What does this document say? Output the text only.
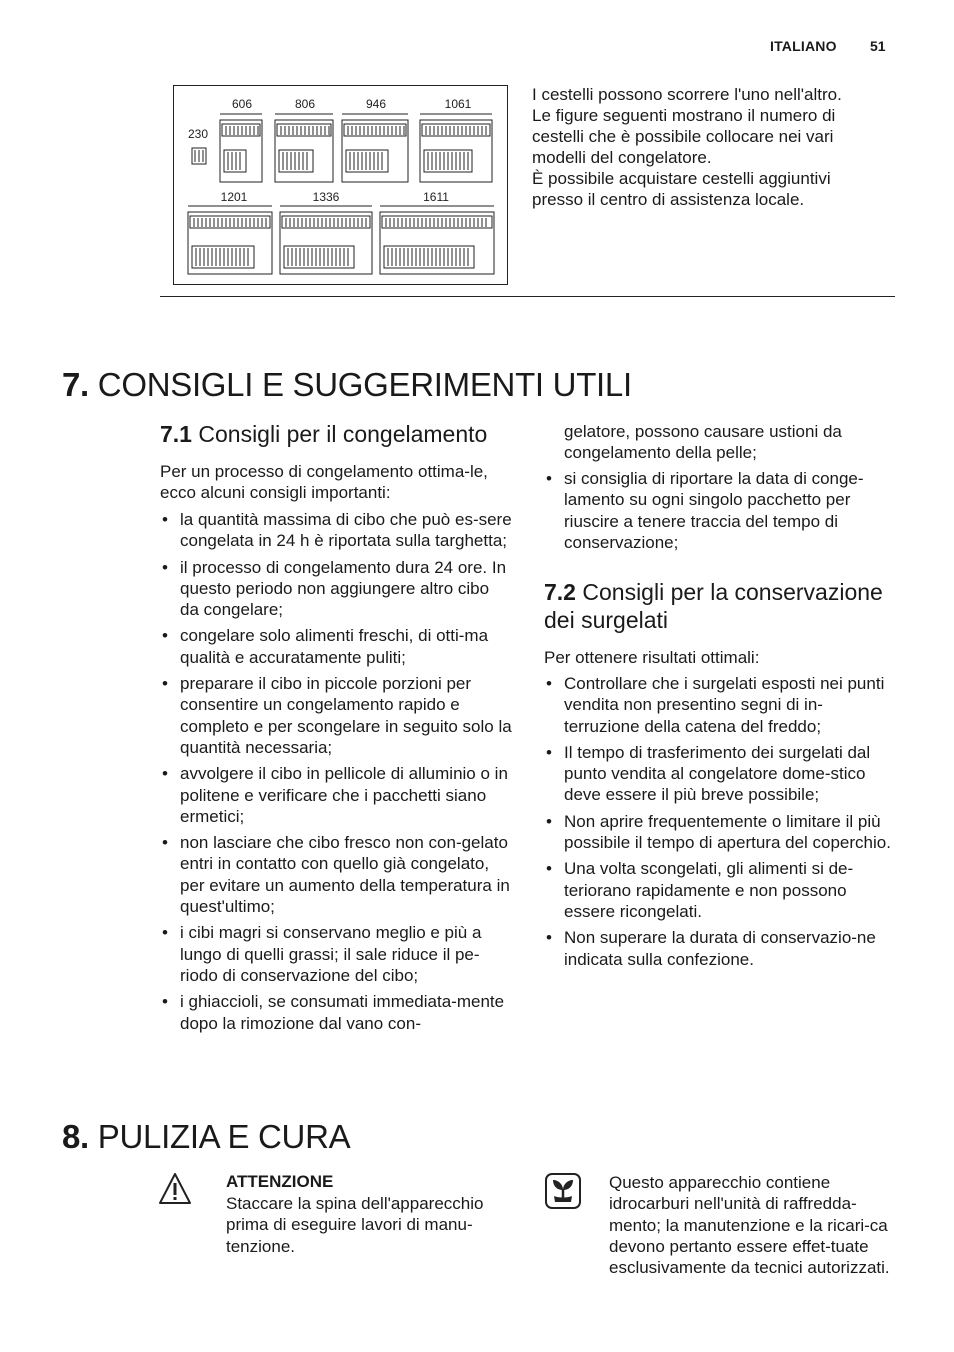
ITALIANO 51
606	806	946	1061
230
1201	1336	1611
I cestelli possono scorrere l'uno nell'altro.
Le figure seguenti mostrano il numero di
cestelli che è possibile collocare nei vari
modelli del congelatore.
È possibile acquistare cestelli aggiuntivi
presso il centro di assistenza locale.
7. CONSIGLI E SUGGERIMENTI UTILI
7.1 Consigli per il congelamento
Per un processo di congelamento ottima-le, ecco alcuni consigli importanti:
• la quantità massima di cibo che può es-sere congelata in 24 h è riportata sulla targhetta;
• il processo di congelamento dura 24 ore. In questo periodo non aggiungere altro cibo da congelare;
• congelare solo alimenti freschi, di otti-ma qualità e accuratamente puliti;
• preparare il cibo in piccole porzioni per consentire un congelamento rapido e completo e per scongelare in seguito solo la quantità necessaria;
• avvolgere il cibo in pellicole di alluminio o in politene e verificare che i pacchetti siano ermetici;
• non lasciare che cibo fresco non con-gelato entri in contatto con quello già congelato, per evitare un aumento della temperatura in quest'ultimo;
• i cibi magri si conservano meglio e più a lungo di quelli grassi; il sale riduce il pe-riodo di conservazione del cibo;
• i ghiaccioli, se consumati immediata-mente dopo la rimozione dal vano con-
gelatore, possono causare ustioni da congelamento della pelle;
• si consiglia di riportare la data di conge-lamento su ogni singolo pacchetto per riuscire a tenere traccia del tempo di conservazione;
7.2 Consigli per la conservazione dei surgelati
Per ottenere risultati ottimali:
• Controllare che i surgelati esposti nei punti vendita non presentino segni di in-terruzione della catena del freddo;
• Il tempo di trasferimento dei surgelati dal punto vendita al congelatore dome-stico deve essere il più breve possibile;
• Non aprire frequentemente o limitare il più possibile il tempo di apertura del coperchio.
• Una volta scongelati, gli alimenti si de-teriorano rapidamente e non possono essere ricongelati.
• Non superare la durata di conservazio-ne indicata sulla confezione.
8. PULIZIA E CURA
ATTENZIONE
Staccare la spina dell'apparecchio prima di eseguire lavori di manu-tenzione.
Questo apparecchio contiene idrocarburi nell'unità di raffredda-mento; la manutenzione e la ricari-ca devono pertanto essere effet-tuate esclusivamente da tecnici autorizzati.
